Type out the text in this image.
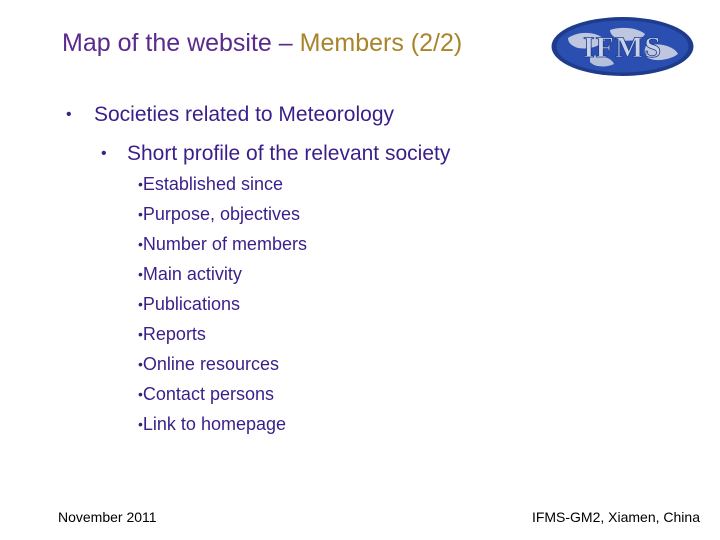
Map of the website – Members (2/2)	IFMS
• Societies related to Meteorology
• Short profile of the relevant society
•Established since
•Purpose, objectives
•Number of members
•Main activity
•Publications
•Reports
•Online resources
•Contact persons
•Link to homepage
November 2011	IFMS-GM2, Xiamen, China
